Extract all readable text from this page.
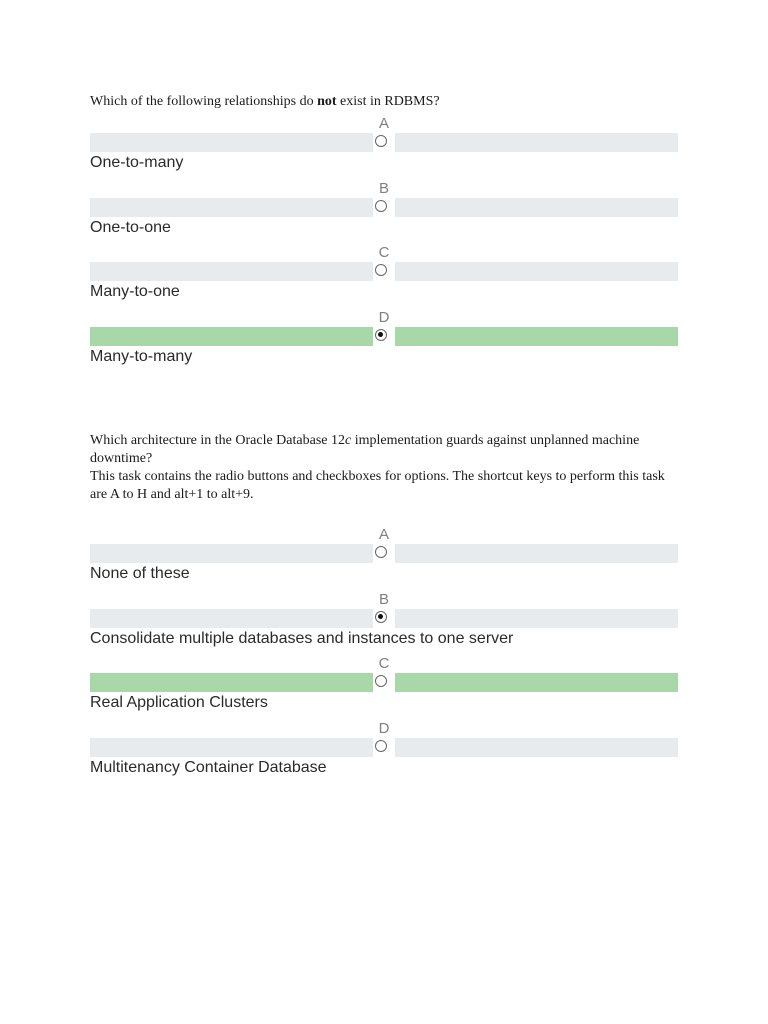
Which of the following relationships do not exist in RDBMS?
A
One-to-many
B
One-to-one
C
Many-to-one
D
Many-to-many
Which architecture in the Oracle Database 12c implementation guards against unplanned machine downtime?
This task contains the radio buttons and checkboxes for options. The shortcut keys to perform this task are A to H and alt+1 to alt+9.
A
None of these
B
Consolidate multiple databases and instances to one server
C
Real Application Clusters
D
Multitenancy Container Database
